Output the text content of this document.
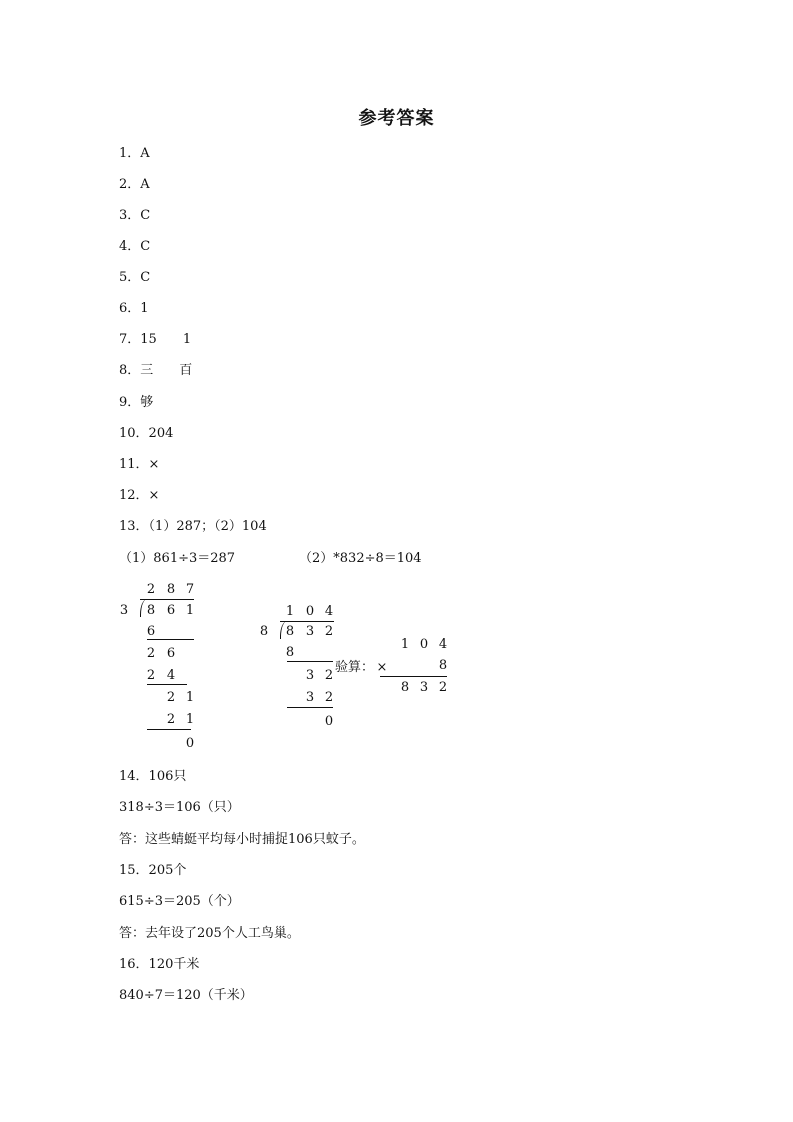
参考答案
1．A
2．A
3．C
4．C
5．C
6．1
7．15 1
8．三 百
9．够
10．204
11．×
12．×
13．（1）287；（2）104
（1）861÷3＝287	（2）*832÷8＝104
2 8 7
3 8 6 1
6
2 6
2 4
2 1
2 1
0
1 0 4
8 8 3 2
8
3 2
3 2
0
验算：
1 0 4
×	8
8 3 2
14．106只
318÷3＝106（只）
答：这些蜻蜓平均每小时捕捉106只蚊子。
15．205个
615÷3＝205（个）
答：去年设了205个人工鸟巢。
16．120千米
840÷7＝120（千米）
